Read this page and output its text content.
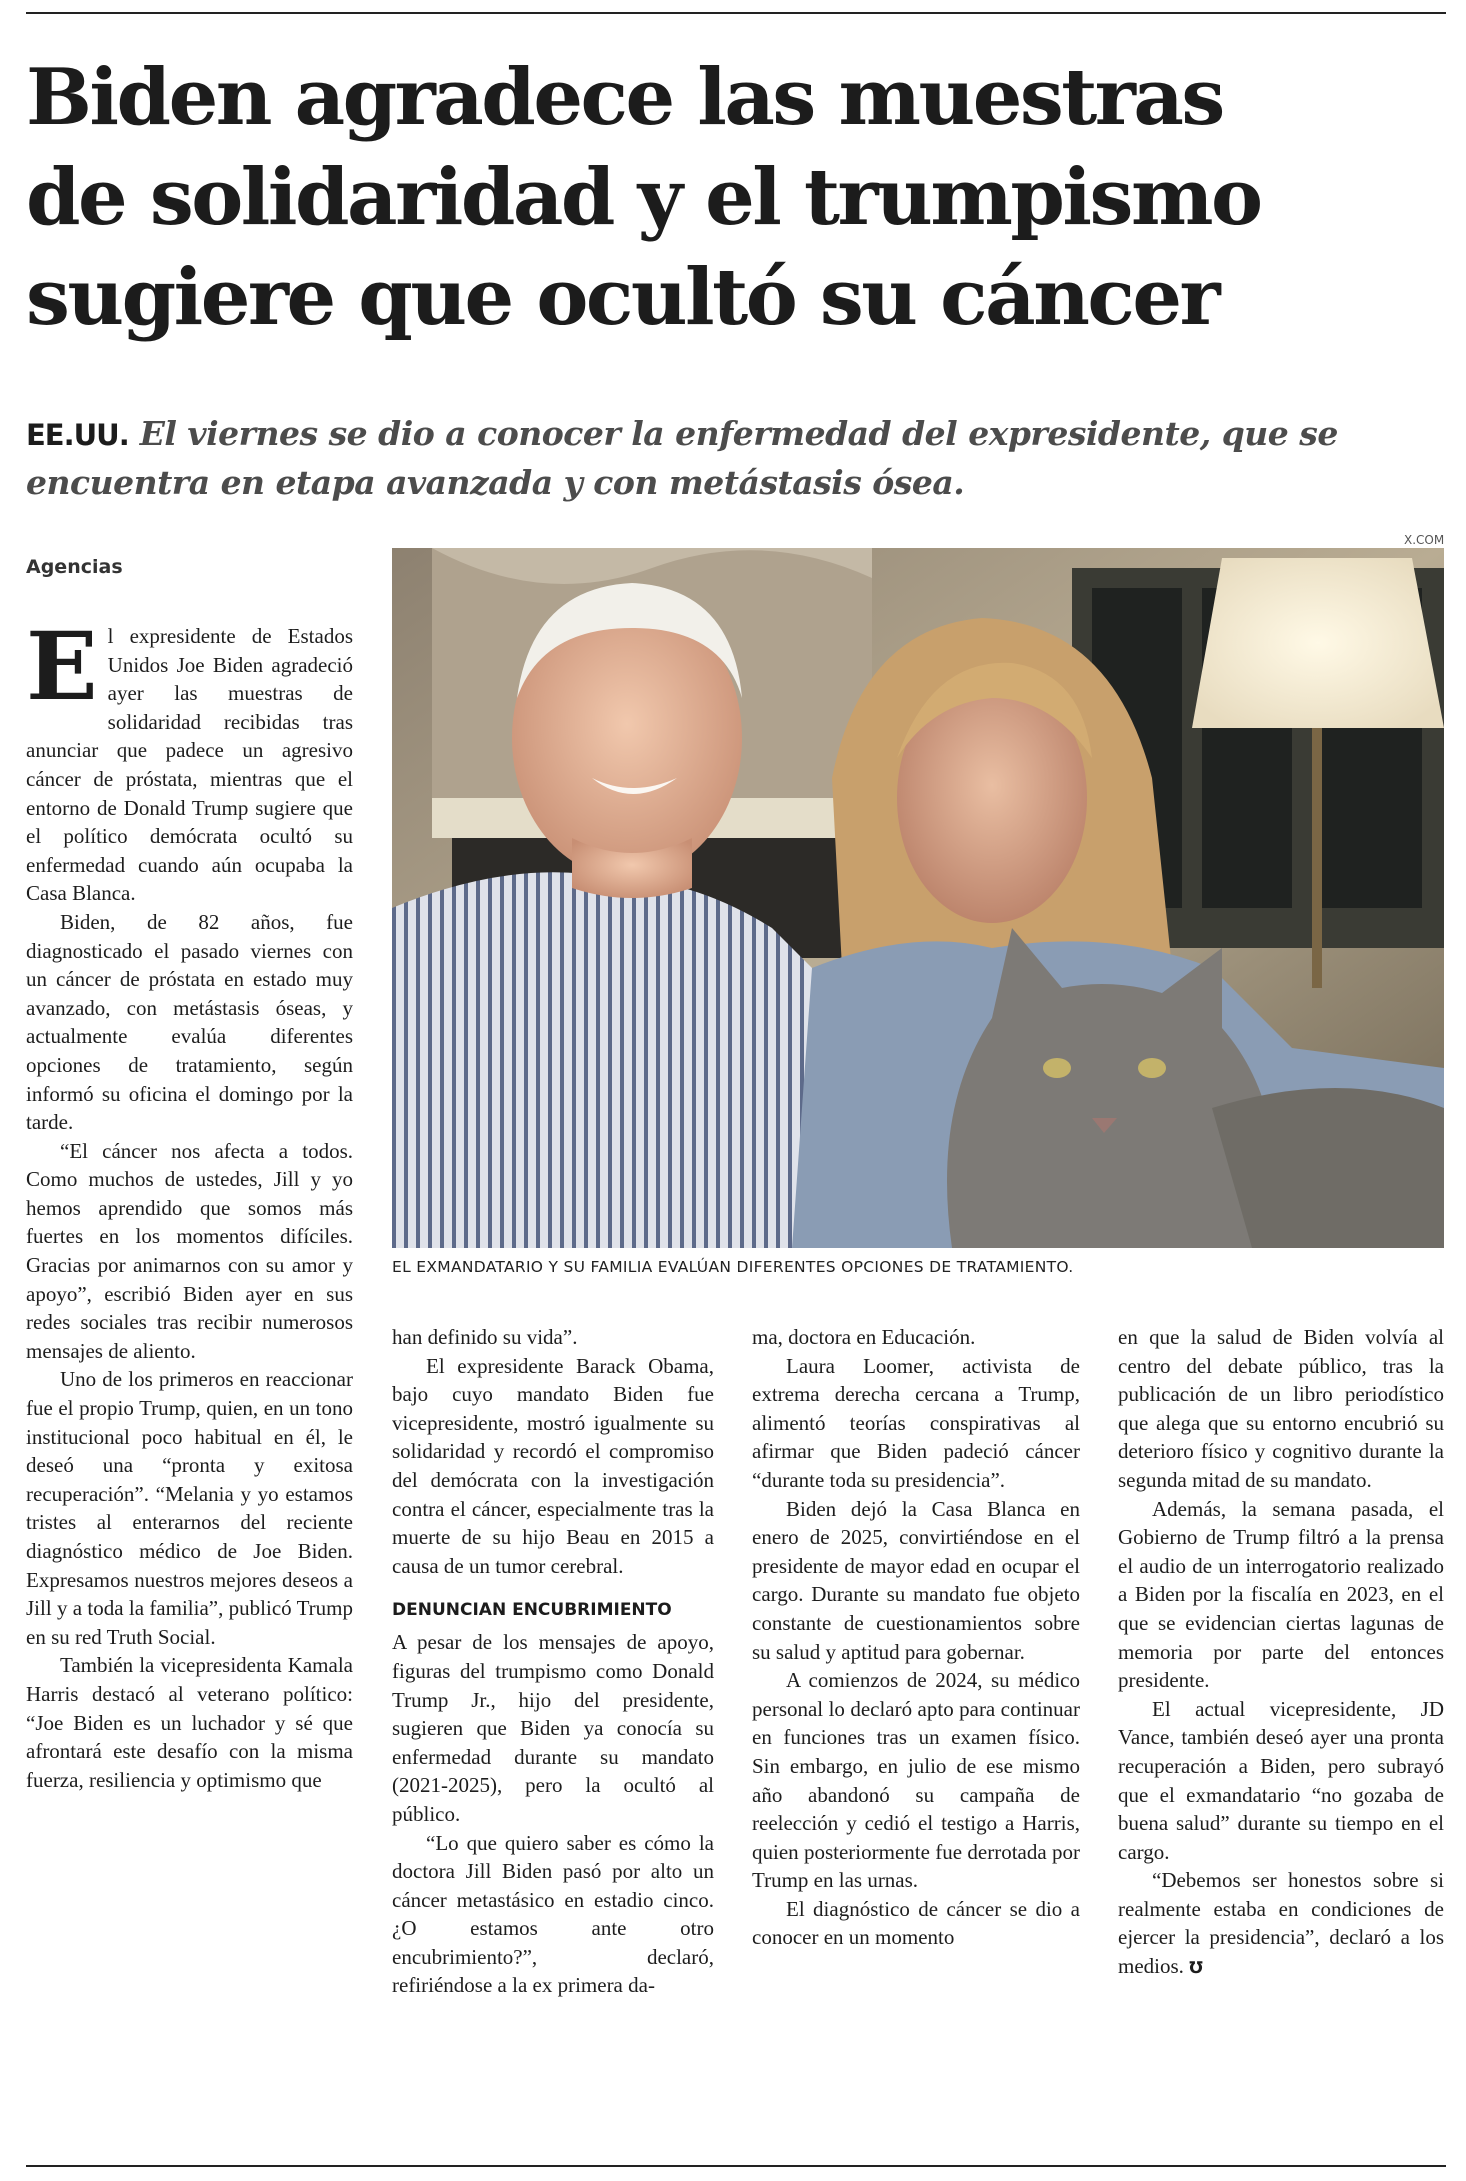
Biden agradece las muestras
de solidaridad y el trumpismo
sugiere que ocultó su cáncer
EE.UU. El viernes se dio a conocer la enfermedad del expresidente, que se encuentra en etapa avanzada y con metástasis ósea.
Agencias
X.COM
EL EXMANDATARIO Y SU FAMILIA EVALÚAN DIFERENTES OPCIONES DE TRATAMIENTO.

El expresidente de Estados Unidos Joe Biden agradeció ayer las muestras de solidaridad recibidas tras anunciar que padece un agresivo cáncer de próstata, mientras que el entorno de Donald Trump sugiere que el político demócrata ocultó su enfermedad cuando aún ocupaba la Casa Blanca.

Biden, de 82 años, fue diagnosticado el pasado viernes con un cáncer de próstata en estado muy avanzado, con metástasis óseas, y actualmente evalúa diferentes opciones de tratamiento, según informó su oficina el domingo por la tarde.

“El cáncer nos afecta a todos. Como muchos de ustedes, Jill y yo hemos aprendido que somos más fuertes en los momentos difíciles. Gracias por animarnos con su amor y apoyo”, escribió Biden ayer en sus redes sociales tras recibir numerosos mensajes de aliento.

Uno de los primeros en reaccionar fue el propio Trump, quien, en un tono institucional poco habitual en él, le deseó una “pronta y exitosa recuperación”. “Melania y yo estamos tristes al enterarnos del reciente diagnóstico médico de Joe Biden. Expresamos nuestros mejores deseos a Jill y a toda la familia”, publicó Trump en su red Truth Social.

También la vicepresidenta Kamala Harris destacó al veterano político: “Joe Biden es un luchador y sé que afrontará este desafío con la misma fuerza, resiliencia y optimismo que

han definido su vida”.

El expresidente Barack Obama, bajo cuyo mandato Biden fue vicepresidente, mostró igualmente su solidaridad y recordó el compromiso del demócrata con la investigación contra el cáncer, especialmente tras la muerte de su hijo Beau en 2015 a causa de un tumor cerebral.

DENUNCIAN ENCUBRIMIENTO

A pesar de los mensajes de apoyo, figuras del trumpismo como Donald Trump Jr., hijo del presidente, sugieren que Biden ya conocía su enfermedad durante su mandato (2021-2025), pero la ocultó al público.

“Lo que quiero saber es cómo la doctora Jill Biden pasó por alto un cáncer metastásico en estadio cinco. ¿O estamos ante otro encubrimiento?”, declaró, refiriéndose a la ex primera da-

ma, doctora en Educación.

Laura Loomer, activista de extrema derecha cercana a Trump, alimentó teorías conspirativas al afirmar que Biden padeció cáncer “durante toda su presidencia”.

Biden dejó la Casa Blanca en enero de 2025, convirtiéndose en el presidente de mayor edad en ocupar el cargo. Durante su mandato fue objeto constante de cuestionamientos sobre su salud y aptitud para gobernar.

A comienzos de 2024, su médico personal lo declaró apto para continuar en funciones tras un examen físico. Sin embargo, en julio de ese mismo año abandonó su campaña de reelección y cedió el testigo a Harris, quien posteriormente fue derrotada por Trump en las urnas.

El diagnóstico de cáncer se dio a conocer en un momento

en que la salud de Biden volvía al centro del debate público, tras la publicación de un libro periodístico que alega que su entorno encubrió su deterioro físico y cognitivo durante la segunda mitad de su mandato.

Además, la semana pasada, el Gobierno de Trump filtró a la prensa el audio de un interrogatorio realizado a Biden por la fiscalía en 2023, en el que se evidencian ciertas lagunas de memoria por parte del entonces presidente.

El actual vicepresidente, JD Vance, también deseó ayer una pronta recuperación a Biden, pero subrayó que el exmandatario “no gozaba de buena salud” durante su tiempo en el cargo.

“Debemos ser honestos sobre si realmente estaba en condiciones de ejercer la presidencia”, declaró a los medios. ℧
